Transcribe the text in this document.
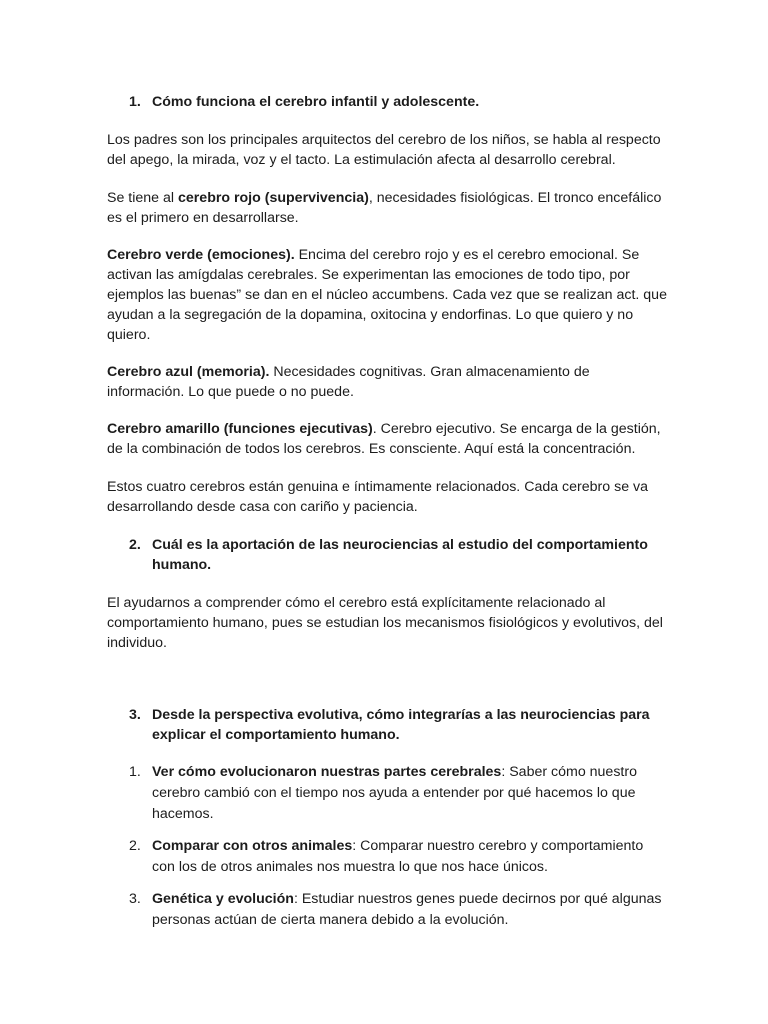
1. Cómo funciona el cerebro infantil y adolescente.

Los padres son los principales arquitectos del cerebro de los niños, se habla al respecto del apego, la mirada, voz y el tacto. La estimulación afecta al desarrollo cerebral.

Se tiene al cerebro rojo (supervivencia), necesidades fisiológicas. El tronco encefálico es el primero en desarrollarse.

Cerebro verde (emociones). Encima del cerebro rojo y es el cerebro emocional. Se activan las amígdalas cerebrales. Se experimentan las emociones de todo tipo, por ejemplos las buenas” se dan en el núcleo accumbens. Cada vez que se realizan act. que ayudan a la segregación de la dopamina, oxitocina y endorfinas. Lo que quiero y no quiero.

Cerebro azul (memoria). Necesidades cognitivas. Gran almacenamiento de información. Lo que puede o no puede.

Cerebro amarillo (funciones ejecutivas). Cerebro ejecutivo. Se encarga de la gestión, de la combinación de todos los cerebros. Es consciente. Aquí está la concentración.

Estos cuatro cerebros están genuina e íntimamente relacionados. Cada cerebro se va desarrollando desde casa con cariño y paciencia.

2. Cuál es la aportación de las neurociencias al estudio del comportamiento humano.

El ayudarnos a comprender cómo el cerebro está explícitamente relacionado al comportamiento humano, pues se estudian los mecanismos fisiológicos y evolutivos, del individuo.

3. Desde la perspectiva evolutiva, cómo integrarías a las neurociencias para explicar el comportamiento humano.

1. Ver cómo evolucionaron nuestras partes cerebrales: Saber cómo nuestro cerebro cambió con el tiempo nos ayuda a entender por qué hacemos lo que hacemos.

2. Comparar con otros animales: Comparar nuestro cerebro y comportamiento con los de otros animales nos muestra lo que nos hace únicos.

3. Genética y evolución: Estudiar nuestros genes puede decirnos por qué algunas personas actúan de cierta manera debido a la evolución.
